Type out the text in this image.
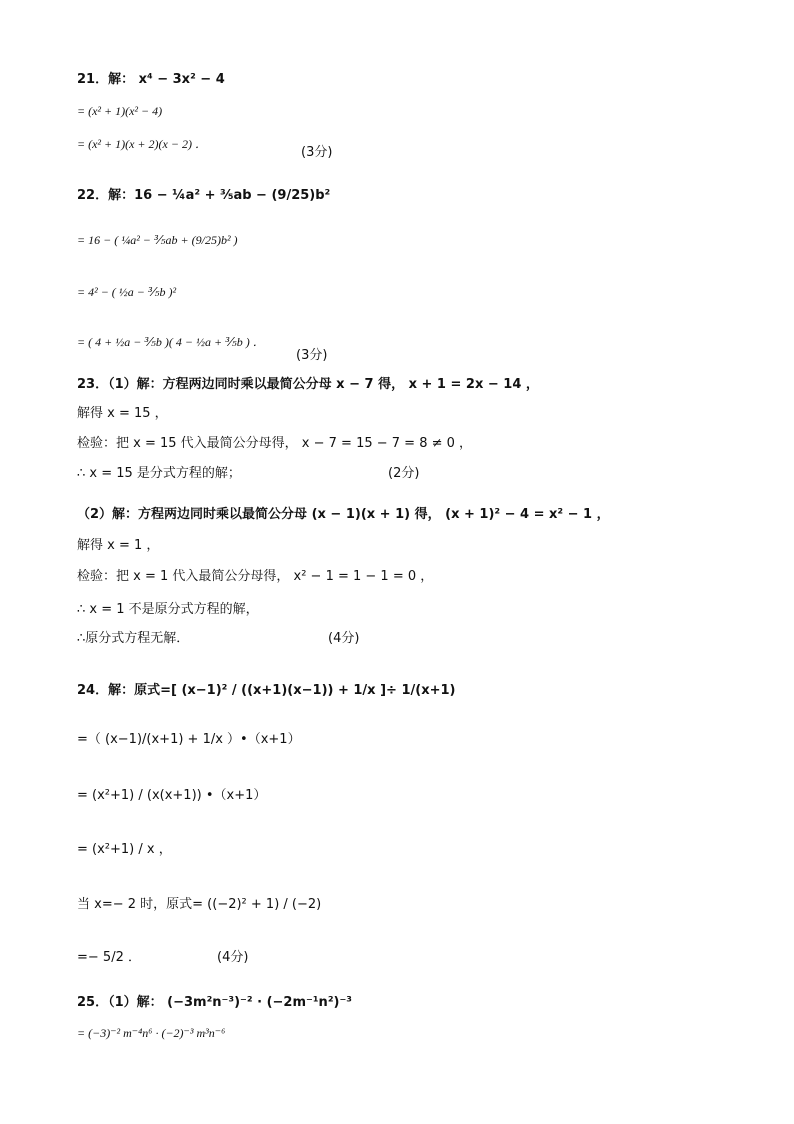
21．解： x⁴ − 3x² − 4
= (x² + 1)(x² − 4)
= (x² + 1)(x + 2)(x − 2) ．
(3分)
22．解：16 − ¼a² + ⅗ab − (9/25)b²
= 16 − ( ¼a² − ⅗ab + (9/25)b² )
= 4² − ( ½a − ⅗b )²
= ( 4 + ½a − ⅗b )( 4 − ½a + ⅗b ) ．
(3分)
23．（1）解：方程两边同时乘以最简公分母 x − 7 得， x + 1 = 2x − 14 ，
解得 x = 15 ，
检验：把 x = 15 代入最简公分母得， x − 7 = 15 − 7 = 8 ≠ 0 ，
∴ x = 15 是分式方程的解；	(2分)
（2）解：方程两边同时乘以最简公分母 (x − 1)(x + 1) 得， (x + 1)² − 4 = x² − 1 ，
解得 x = 1 ，
检验：把 x = 1 代入最简公分母得， x² − 1 = 1 − 1 = 0 ，
∴ x = 1 不是原分式方程的解，
∴原分式方程无解．	(4分)
24．解：原式=[ (x−1)² / ((x+1)(x−1)) + 1/x ]÷ 1/(x+1)
=（ (x−1)/(x+1) + 1/x ）•（x+1）
= (x²+1) / (x(x+1)) •（x+1）
= (x²+1) / x ，
当 x=− 2 时，原式= ((−2)² + 1) / (−2)
=− 5/2 ．	(4分)
25．（1）解： (−3m²n⁻³)⁻² · (−2m⁻¹n²)⁻³
= (−3)⁻² m⁻⁴n⁶ · (−2)⁻³ m³n⁻⁶
